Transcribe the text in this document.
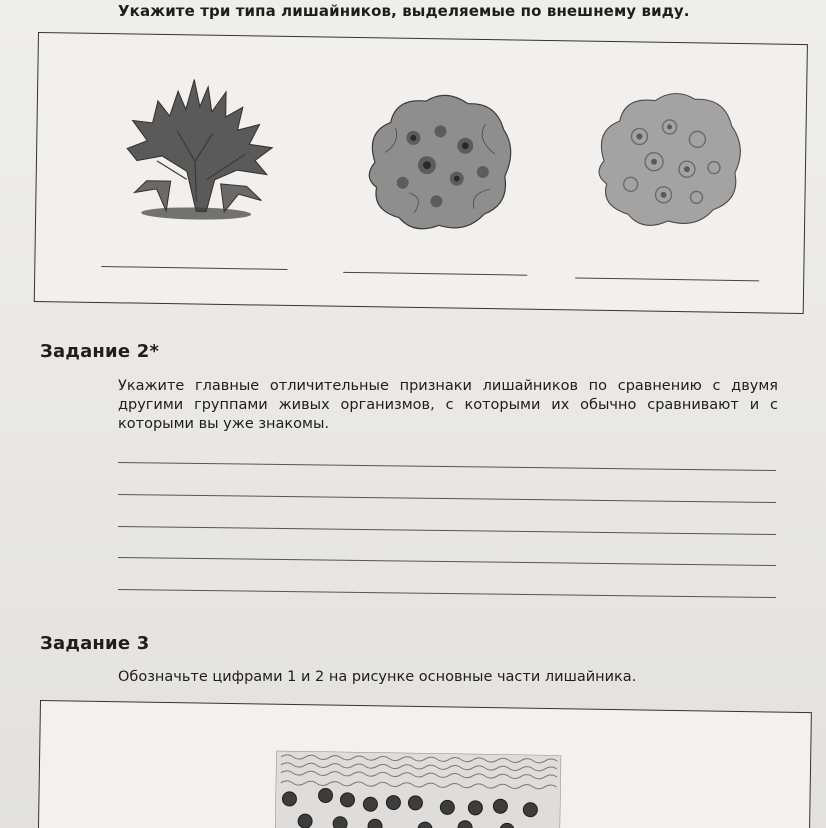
Укажите три типа лишайников, выделяемые по внешнему виду.
Задание 2*
Укажите главные отличительные признаки лишайников по сравнению с двумя другими группами живых организмов, с которыми их обычно сравнивают и с которыми вы уже знакомы.
Задание 3
Обозначьте цифрами 1 и 2 на рисунке основные части лишайника.
